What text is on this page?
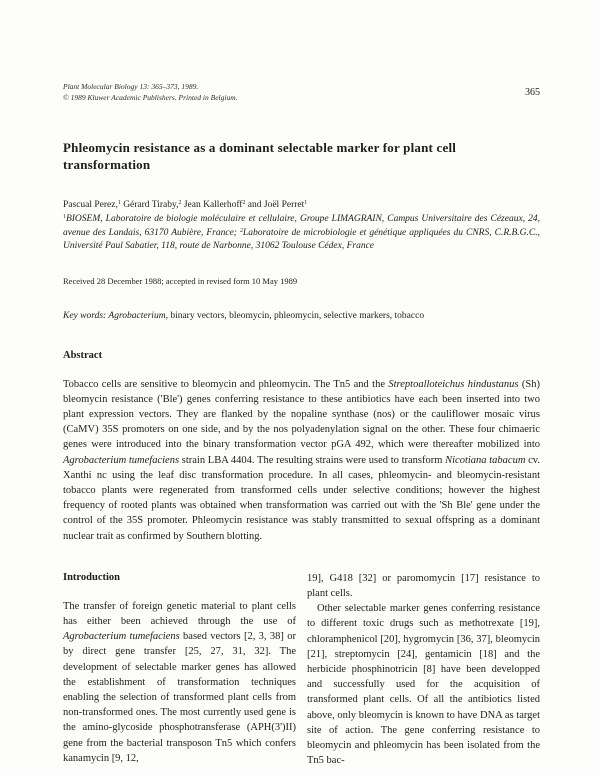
Plant Molecular Biology 13: 365–373, 1989.
© 1989 Kluwer Academic Publishers. Printed in Belgium.	365
Phleomycin resistance as a dominant selectable marker for plant cell transformation
Pascual Perez,$^1$ Gérard Tiraby,$^2$ Jean Kallerhoff$^2$ and Joël Perret$^1$
$^1$BIOSEM, Laboratoire de biologie moléculaire et cellulaire, Groupe LIMAGRAIN, Campus Universitaire des Cézeaux, 24, avenue des Landais, 63170 Aubière, France; $^2$Laboratoire de microbiologie et génétique appliquées du CNRS, C.R.B.G.C., Université Paul Sabatier, 118, route de Narbonne, 31062 Toulouse Cédex, France
Received 28 December 1988; accepted in revised form 10 May 1989
Key words: Agrobacterium, binary vectors, bleomycin, phleomycin, selective markers, tobacco
Abstract
Tobacco cells are sensitive to bleomycin and phleomycin. The Tn5 and the Streptoalloteichus hindustanus (Sh) bleomycin resistance ('Ble') genes conferring resistance to these antibiotics have each been inserted into two plant expression vectors. They are flanked by the nopaline synthase (nos) or the cauliflower mosaic virus (CaMV) 35S promoters on one side, and by the nos polyadenylation signal on the other. These four chimaeric genes were introduced into the binary transformation vector pGA 492, which were thereafter mobilized into Agrobacterium tumefaciens strain LBA 4404. The resulting strains were used to transform Nicotiana tabacum cv. Xanthi nc using the leaf disc transformation procedure. In all cases, phleomycin- and bleomycin-resistant tobacco plants were regenerated from transformed cells under selective conditions; however the highest frequency of rooted plants was obtained when transformation was carried out with the 'Sh Ble' gene under the control of the 35S promoter. Phleomycin resistance was stably transmitted to sexual offspring as a dominant nuclear trait as confirmed by Southern blotting.
Introduction
The transfer of foreign genetic material to plant cells has either been achieved through the use of Agrobacterium tumefaciens based vectors [2, 3, 38] or by direct gene transfer [25, 27, 31, 32]. The development of selectable marker genes has allowed the establishment of transformation techniques enabling the selection of transformed plant cells from non-transformed ones. The most currently used gene is the amino-glycoside phosphotransferase (APH(3')II) gene from the bacterial transposon Tn5 which confers kanamycin [9, 12,

19], G418 [32] or paromomycin [17] resistance to plant cells.

Other selectable marker genes conferring resistance to different toxic drugs such as methotrexate [19], chloramphenicol [20], hygromycin [36, 37], bleomycin [21], streptomycin [24], gentamicin [18] and the herbicide phosphinotricin [8] have been developped and successfully used for the acquisition of transformed plant cells. Of all the antibiotics listed above, only bleomycin is known to have DNA as target site of action. The gene conferring resistance to bleomycin and phleomycin has been isolated from the Tn5 bac-
